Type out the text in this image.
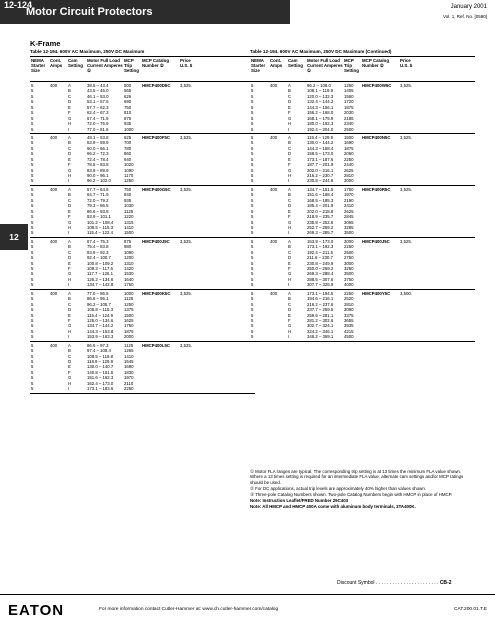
12-124
Motor Circuit Protectors	January 2001
Vol. 1, Ref. No. [0590]
12
K-Frame
Table 12-194. 600V AC Maximum, 250V DC Maximum
NEMA Starter Size
Cont. Amps
Cam Setting
Motor Full Load Current Amperes ①
MCP Trip Setting
MCP Catalog Number ②
Price U.S. $
5	400	A	38.5 – 43.4	500	HMCP400D5C	3,525.
5	B	43.5 – 46.0	565
5	C	46.1 – 53.0	626
5	D	53.1 – 57.6	690
5	E	57.7 – 62.3	750
5	F	62.4 – 67.3	810
5	G	67.4 – 71.9	875
5	H	72.0 – 76.9	935
5	I	77.0 – 81.6	1000
5	400	A	48.1 – 53.8	625	HMCP400F5C	3,525.
5	B	53.9 – 59.9	700
5	C	60.0 – 66.1	780
5	D	66.2 – 72.3	860
5	E	72.4 – 78.4	940
5	F	78.5 – 83.8	1020
5	G	83.9 – 89.9	1090
5	H	90.0 – 96.1	1170
5	I	96.2 – 102.0	1250
5	400	A	57.7 – 64.6	750	HMCP400G5C	3,525.
5	B	64.7 – 71.9	840
5	C	72.0 – 79.2	935
5	D	79.3 – 86.5	1030
5	E	86.6 – 93.8	1125
5	F	93.9 – 101.1	1220
5	G	101.2 – 108.4	1315
5	H	108.5 – 115.3	1410
5	I	115.4 – 122.4	1500
5	400	A	67.4 – 75.3	875	HMCP400J5C	3,525.
5	B	75.4 – 83.8	980
5	C	83.9 – 92.3	1090
5	D	92.4 – 100.7	1200
5	E	100.8 – 109.2	1310
5	F	109.3 – 117.6	1420
5	G	117.7 – 126.1	1530
5	H	126.2 – 134.6	1640
5	I	134.7 – 142.8	1750
5	400	A	77.0 – 86.5	1000	HMCP400K5C	3,525.
5	B	86.6 – 96.1	1125
5	C	96.2 – 105.7	1250
5	D	105.8 – 115.3	1375
5	E	115.4 – 124.9	1500
5	F	125.0 – 134.6	1625
5	G	134.7 – 144.2	1750
5	H	144.3 – 153.8	1875
5	I	153.9 – 163.3	2000
5	400	A	86.6 – 97.3	1125	HMCP400L5C	3,525.
5	B	97.4 – 108.4	1265
5	C	108.5 – 118.8	1410
5	D	118.9 – 129.9	1545
5	E	130.0 – 140.7	1690
5	F	140.8 – 151.5	1830
5	G	151.6 – 162.3	1970
5	H	162.4 – 173.0	2110
5	I	173.1 – 183.6	2250
Table 12-194. 600V AC Maximum, 250V DC Maximum (Continued)
NEMA Starter Size
Cont. Amps
Cam Setting
Motor Full Load Current Amperes ①
MCP Trip Setting
MCP Catalog Number ②
Price U.S. $
5	400	A	96.2 – 108.0	1250	HMCP400W5C	3,525.
5	B	108.1 – 119.9	1405
5	C	120.0 – 132.3	1560
5	D	132.4 – 144.2	1720
5	E	144.3 – 156.1	1875
5	F	156.2 – 168.0	2030
5	G	168.1 – 179.9	2185
5	H	180.0 – 192.3	2340
5	I	192.4 – 204.0	2500
5	400	A	115.4 – 129.9	1500	HMCP400N5C	3,525.
5	B	130.0 – 144.2	1690
5	C	144.3 – 158.4	1875
5	D	158.5 – 173.0	2060
5	E	173.1 – 187.6	2250
5	F	187.7 – 201.9	2440
5	G	202.0 – 216.1	2625
5	H	216.2 – 230.7	2810
5	I	230.8 – 244.8	3000
5	400	A	134.7 – 151.5	1750	HMCP400R5C	3,525.
5	B	151.6 – 168.4	1970
5	C	168.5 – 185.3	2190
5	D	185.4 – 201.9	2410
5	E	202.0 – 218.8	2625
5	F	218.9 – 235.7	2845
5	G	235.8 – 252.6	3065
5	H	252.7 – 269.2	3285
5	I	269.3 – 285.7	3500
5	400	A	153.9 – 173.0	2000	HMCP400J5C	3,525.
5	B	173.1 – 192.3	2250
5	C	192.4 – 211.5	2500
5	D	211.6 – 230.7	2750
5	E	230.8 – 249.9	3000
5	F	250.0 – 269.2	3250
5	G	269.3 – 288.4	3500
5	H	288.5 – 307.6	3750
5	I	307.7 – 326.9	4000
5	400	A	173.1 – 194.5	2250	HMCP400Y5C	3,500.
5	B	194.6 – 216.1	2520
5	C	216.2 – 237.6	2810
5	D	237.7 – 259.5	3090
5	E	259.6 – 281.1	3375
5	F	281.2 – 302.6	3655
5	G	302.7 – 324.1	3935
5	H	324.2 – 346.1	4215
5	I	346.2 – 369.1	4500

① Motor FLA ranges are typical. The corresponding trip setting is at 13 times the minimum FLA value shown. Where a 13 times setting is required for an intermediate FLA value, alternate cam settings and/or MCP ratings should be used.

② For DC applications, actual trip levels are approximately 40% higher than values shown.

③ Three-pole Catalog Numbers shown. Two-pole Catalog Numbers begin with HMCP in place of HMCP.

Note: Instruction Leaflet/FRED Number 29C403

Note: All HMCP and HMCP 400A come with aluminum body terminals, 3TA400K.

Discount Symbol . . . . . . . . . . . . . . . . . . . . . . . CB-2
EATON	For more information contact Cutler-Hammer at: www.ch.cutler-hammer.com/catalog	CAT.200.01.T.E
